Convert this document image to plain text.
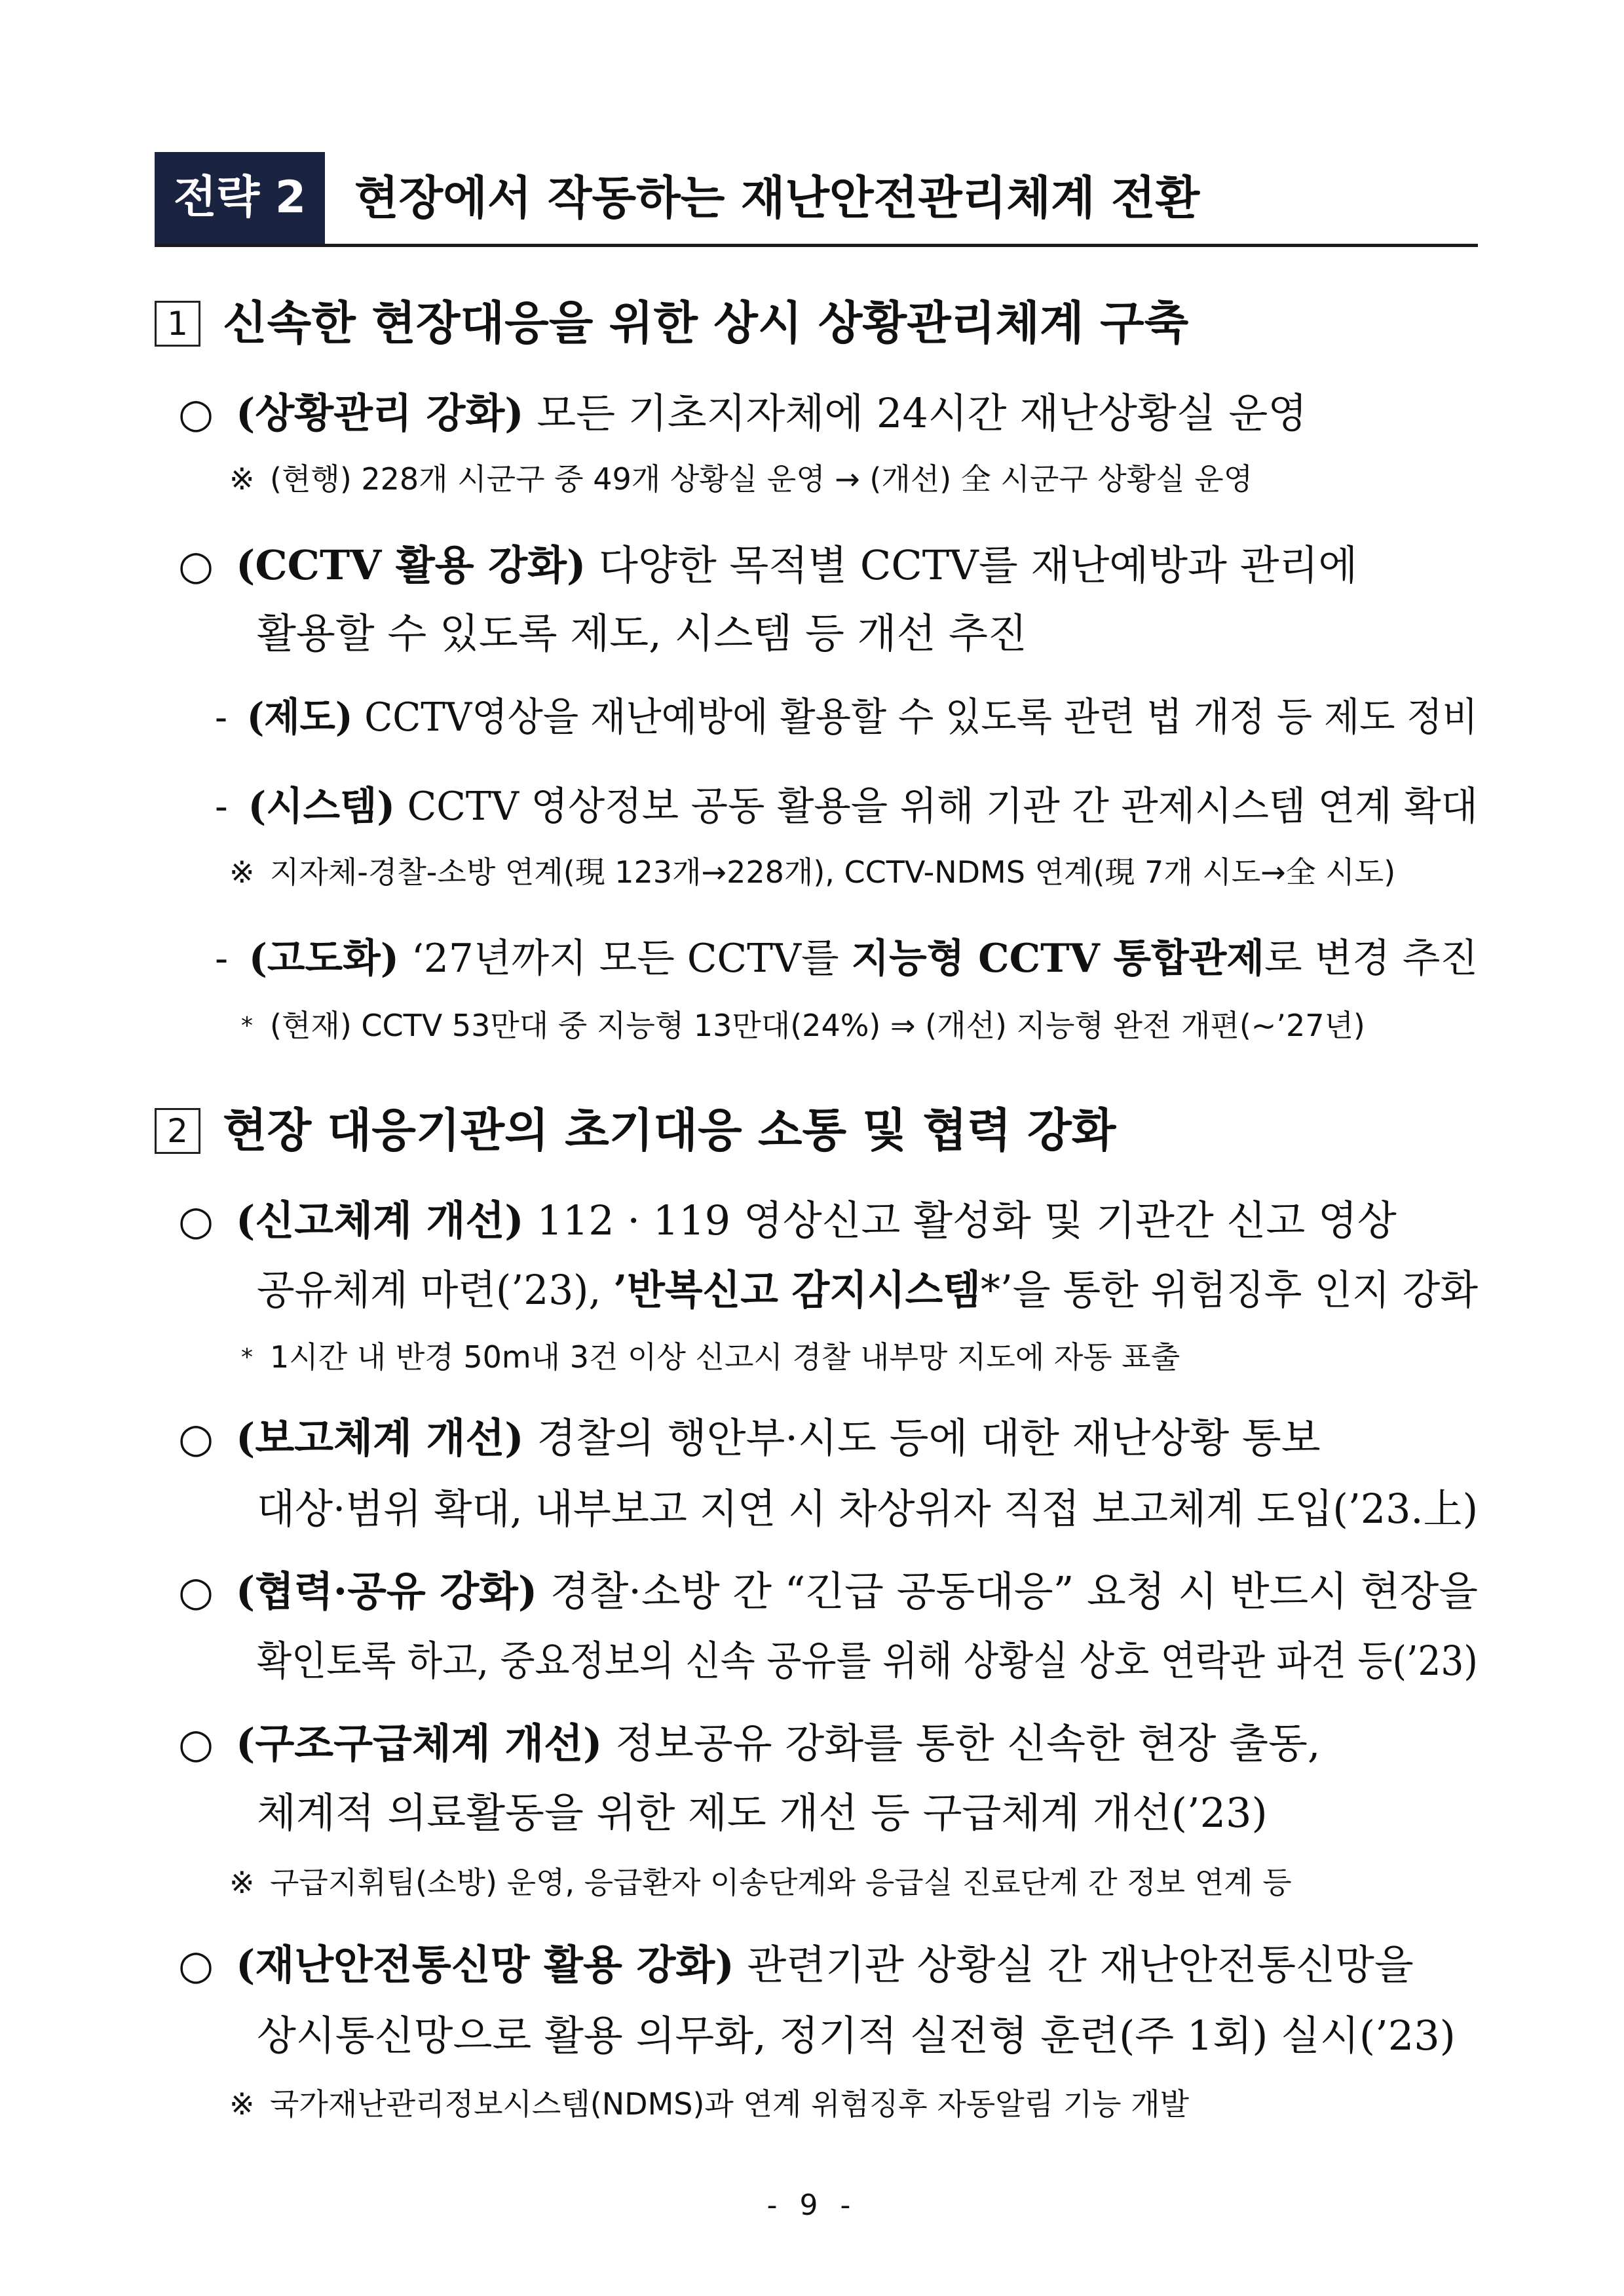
전략 2	현장에서 작동하는 재난안전관리체계 전환
1 신속한 현장대응을 위한 상시 상황관리체계 구축
○ (상황관리 강화) 모든 기초지자체에 24시간 재난상황실 운영
※ (현행) 228개 시군구 중 49개 상황실 운영 → (개선) 全 시군구 상황실 운영
○ (CCTV 활용 강화) 다양한 목적별 CCTV를 재난예방과 관리에
활용할 수 있도록 제도, 시스템 등 개선 추진
- (제도) CCTV영상을 재난예방에 활용할 수 있도록 관련 법 개정 등 제도 정비
- (시스템) CCTV 영상정보 공동 활용을 위해 기관 간 관제시스템 연계 확대
※ 지자체-경찰-소방 연계(現 123개→228개), CCTV-NDMS 연계(現 7개 시도→全 시도)
- (고도화) ‘27년까지 모든 CCTV를 지능형 CCTV 통합관제로 변경 추진
* (현재) CCTV 53만대 중 지능형 13만대(24%) ⇒ (개선) 지능형 완전 개편(~’27년)
2 현장 대응기관의 초기대응 소통 및 협력 강화
○ (신고체계 개선) 112 · 119 영상신고 활성화 및 기관간 신고 영상
공유체계 마련(’23), ’반복신고 감지시스템*’을 통한 위험징후 인지 강화
* 1시간 내 반경 50m내 3건 이상 신고시 경찰 내부망 지도에 자동 표출
○ (보고체계 개선) 경찰의 행안부·시도 등에 대한 재난상황 통보
대상·범위 확대, 내부보고 지연 시 차상위자 직접 보고체계 도입(’23.上)
○ (협력·공유 강화) 경찰·소방 간 “긴급 공동대응” 요청 시 반드시 현장을
확인토록 하고, 중요정보의 신속 공유를 위해 상황실 상호 연락관 파견 등(’23)
○ (구조구급체계 개선) 정보공유 강화를 통한 신속한 현장 출동,
체계적 의료활동을 위한 제도 개선 등 구급체계 개선(’23)
※ 구급지휘팀(소방) 운영, 응급환자 이송단계와 응급실 진료단계 간 정보 연계 등
○ (재난안전통신망 활용 강화) 관련기관 상황실 간 재난안전통신망을
상시통신망으로 활용 의무화, 정기적 실전형 훈련(주 1회) 실시(’23)
※ 국가재난관리정보시스템(NDMS)과 연계 위험징후 자동알림 기능 개발
- 9 -
